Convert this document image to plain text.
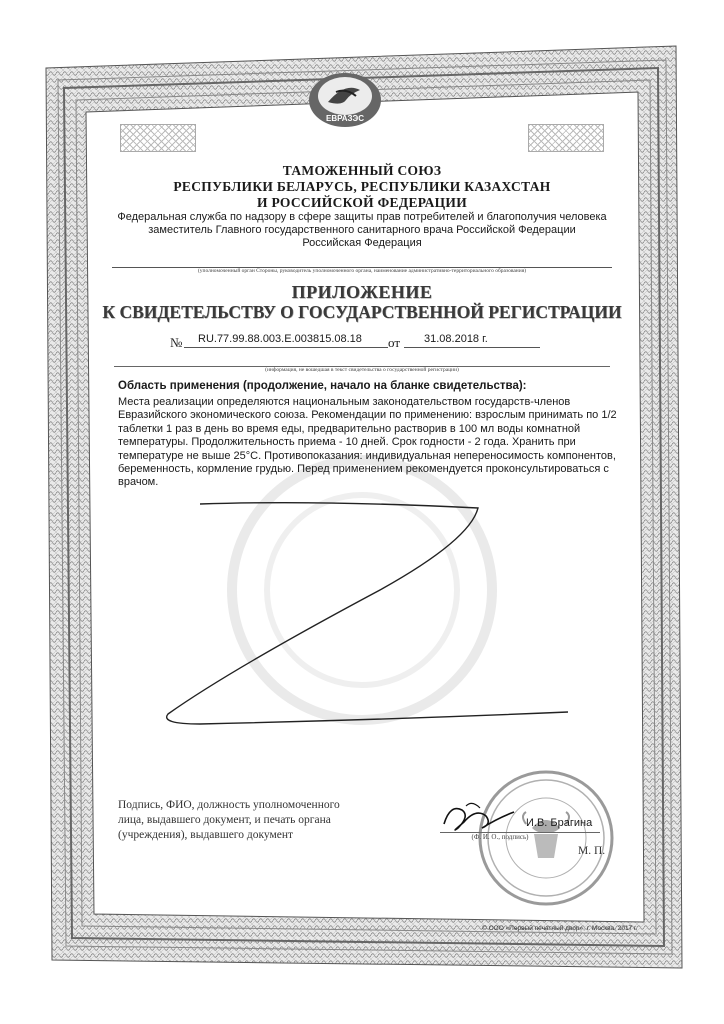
ЕВРАЗЭС
ТАМОЖЕННЫЙ СОЮЗ
РЕСПУБЛИКИ БЕЛАРУСЬ, РЕСПУБЛИКИ КАЗАХСТАН
И РОССИЙСКОЙ ФЕДЕРАЦИИ
Федеральная служба по надзору в сфере защиты прав потребителей и благополучия человека
заместитель Главного государственного санитарного врача Российской Федерации
Российская Федерация
(уполномоченный орган Стороны, руководитель уполномоченного органа, наименование административно-территориального образования)
ПРИЛОЖЕНИЕ
К СВИДЕТЕЛЬСТВУ О ГОСУДАРСТВЕННОЙ РЕГИСТРАЦИИ
№ RU.77.99.88.003.E.003815.08.18 от 31.08.2018 г.
(информация, не вошедшая в текст свидетельства о государственной регистрации)
Область применения (продолжение, начало на бланке свидетельства):
Места реализации определяются национальным законодательством государств-членов
Евразийского экономического союза. Рекомендации по применению: взрослым принимать по 1/2
таблетки 1 раз в день во время еды, предварительно растворив в 100 мл воды комнатной
температуры. Продолжительность приема - 10 дней. Срок годности - 2 года. Хранить при
температуре не выше 25°С. Противопоказания: индивидуальная непереносимость компонентов,
беременность, кормление грудью. Перед применением рекомендуется проконсультироваться с
врачом.
Подпись, ФИО, должность уполномоченного
лица, выдавшего документ, и печать органа
(учреждения), выдавшего документ
И.В. Брагина
(Ф. И. О., подпись)
М. П.
© ООО «Первый печатный двор», г. Москва, 2017 г.
